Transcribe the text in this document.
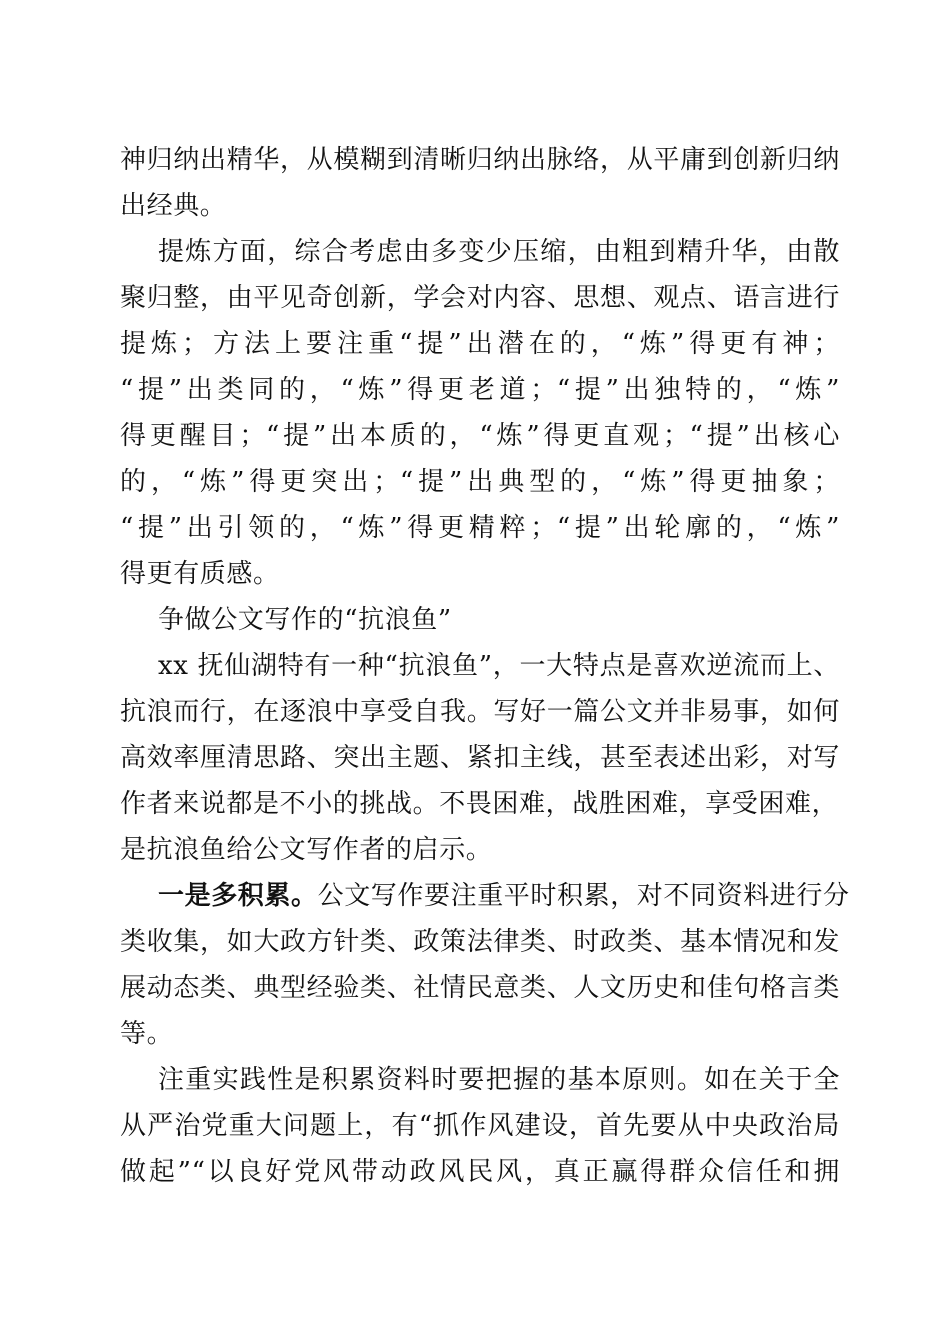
神归纳出精华，从模糊到清晰归纳出脉络，从平庸到创新归纳
出经典。
提炼方面，综合考虑由多变少压缩，由粗到精升华，由散
聚归整，由平见奇创新，学会对内容、思想、观点、语言进行
提炼；方法上要注重“提”出潜在的，“炼”得更有神；
“提”出类同的，“炼”得更老道；“提”出独特的，“炼”
得更醒目；“提”出本质的，“炼”得更直观；“提”出核心
的，“炼”得更突出；“提”出典型的，“炼”得更抽象；
“提”出引领的，“炼”得更精粹；“提”出轮廓的，“炼”
得更有质感。
争做公文写作的“抗浪鱼”
xx 抚仙湖特有一种“抗浪鱼”，一大特点是喜欢逆流而上、
抗浪而行，在逐浪中享受自我。写好一篇公文并非易事，如何
高效率厘清思路、突出主题、紧扣主线，甚至表述出彩，对写
作者来说都是不小的挑战。不畏困难，战胜困难，享受困难，
是抗浪鱼给公文写作者的启示。
一是多积累。公文写作要注重平时积累，对不同资料进行分
类收集，如大政方针类、政策法律类、时政类、基本情况和发
展动态类、典型经验类、社情民意类、人文历史和佳句格言类
等。
注重实践性是积累资料时要把握的基本原则。如在关于全
从严治党重大问题上，有“抓作风建设，首先要从中央政治局
做起”“以良好党风带动政风民风，真正赢得群众信任和拥
